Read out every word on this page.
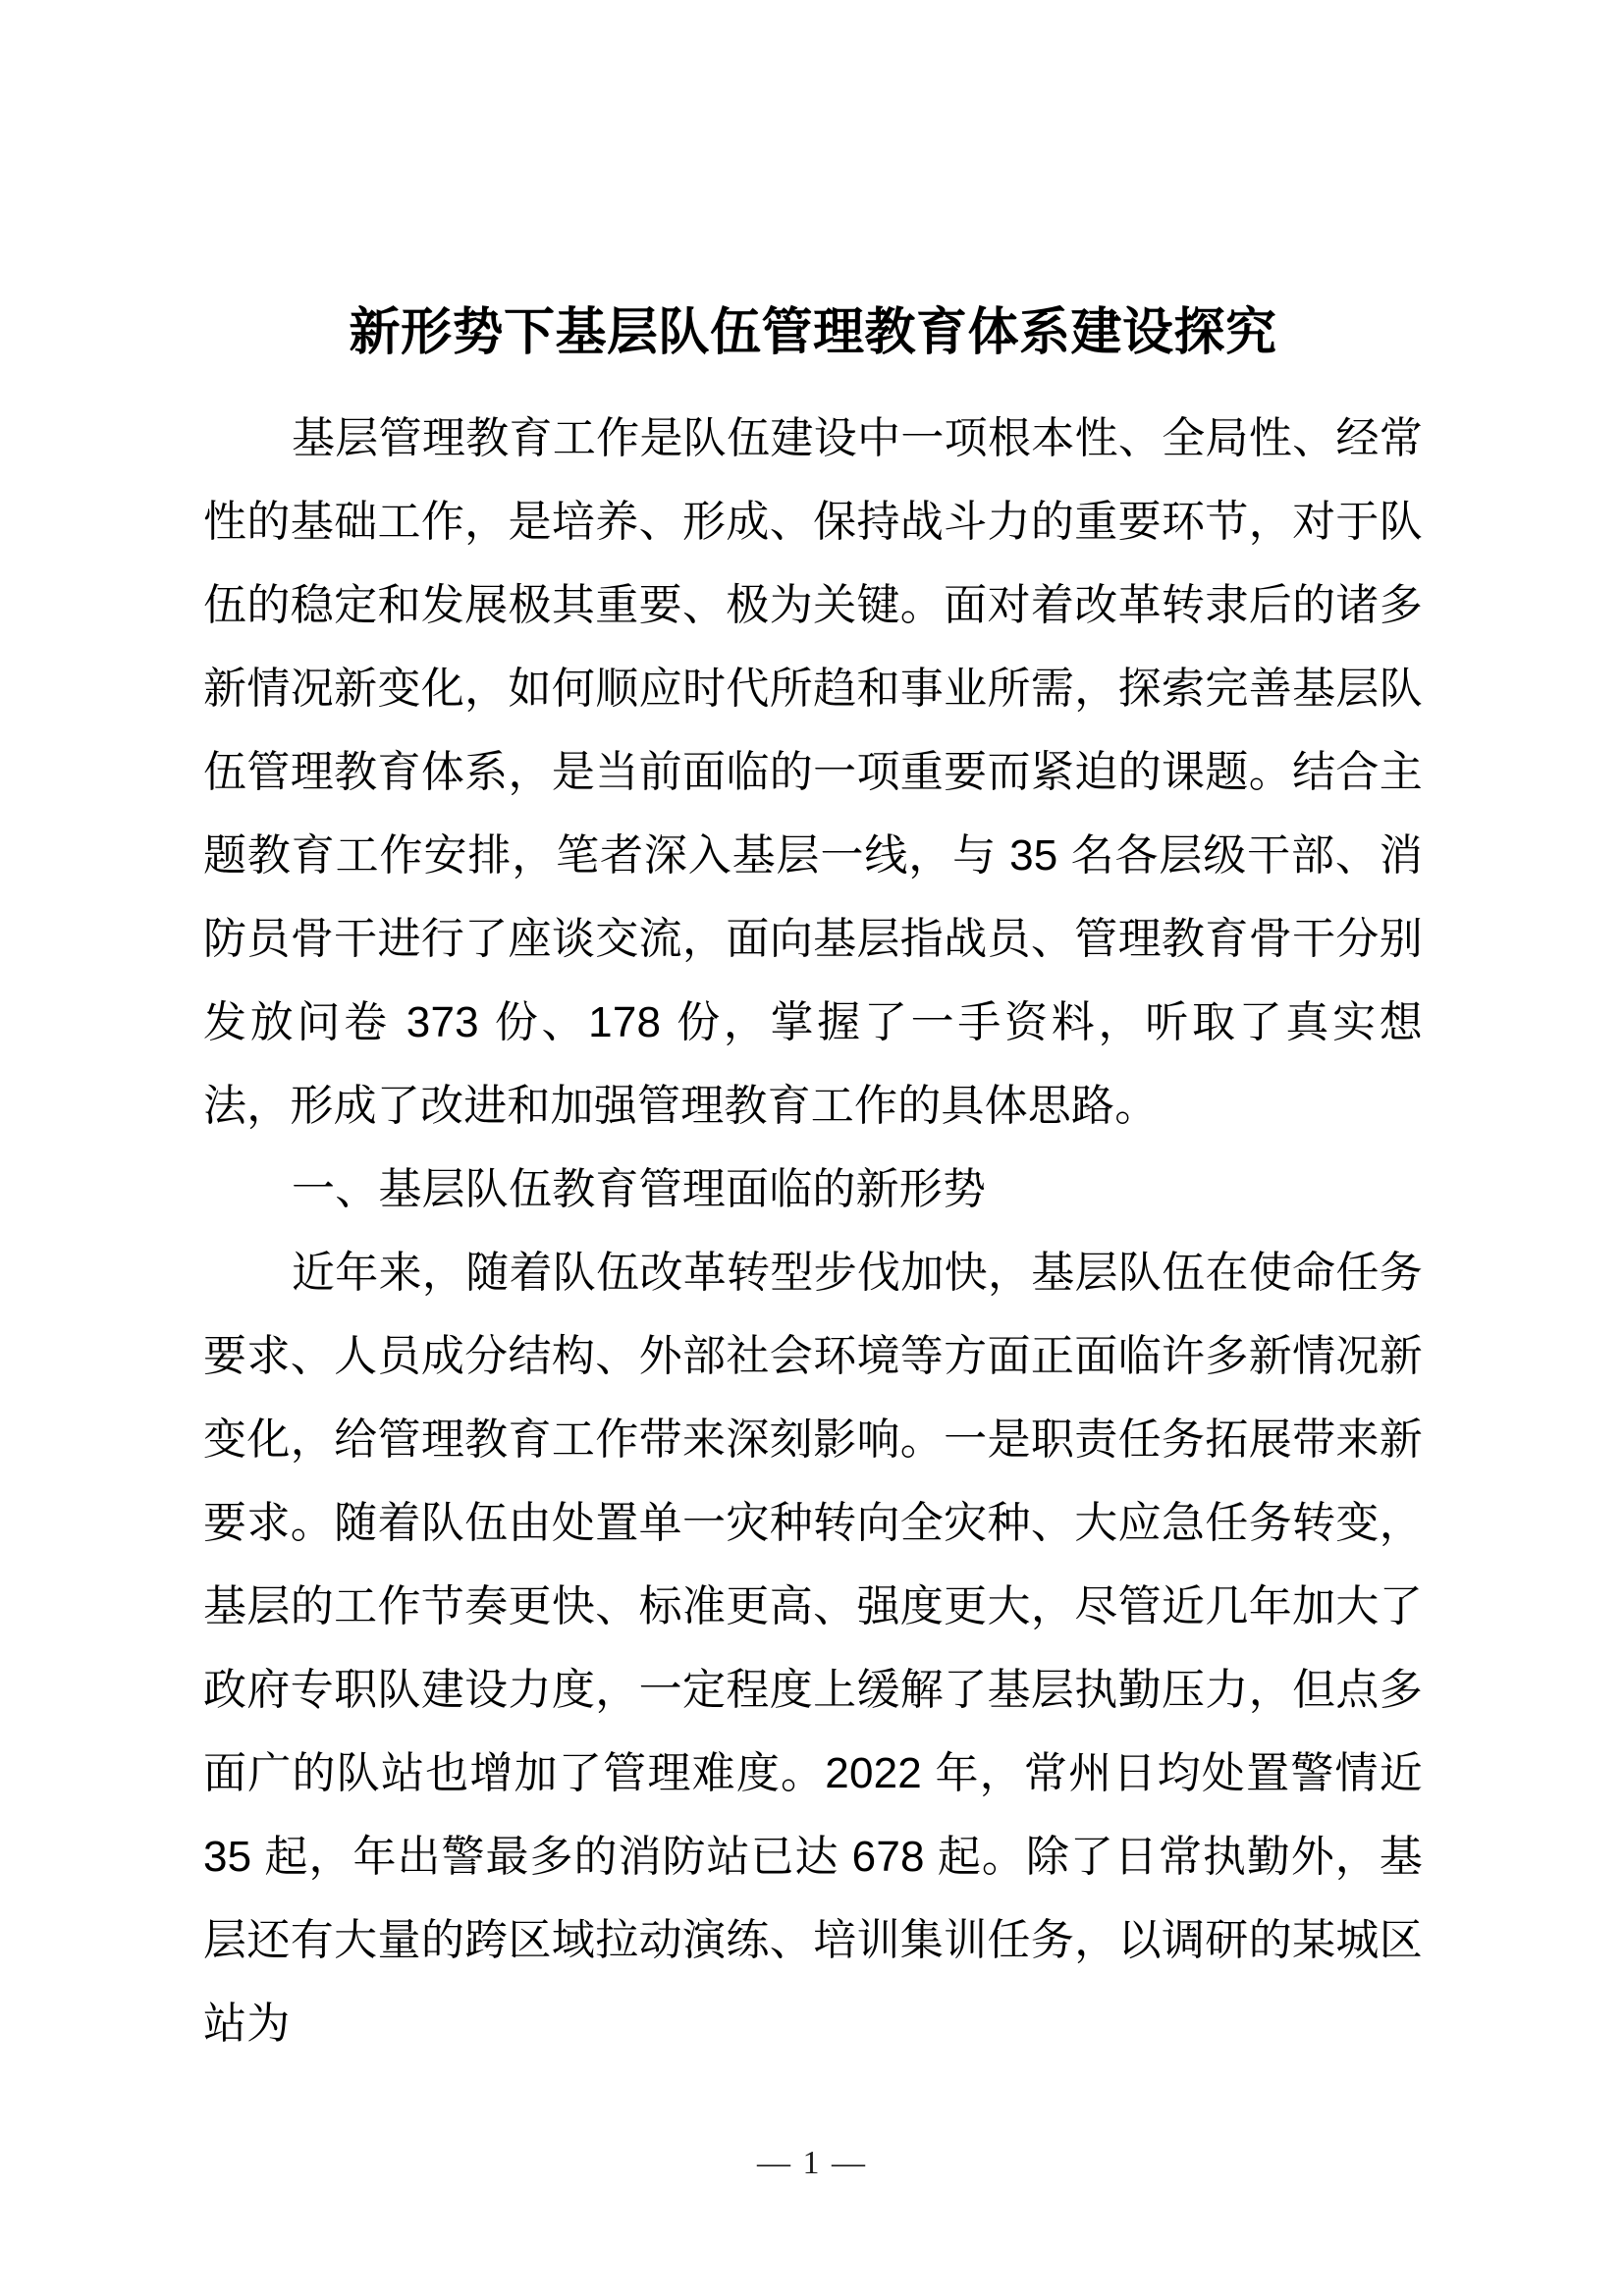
新形势下基层队伍管理教育体系建设探究

基层管理教育工作是队伍建设中一项根本性、全局性、经常性的基础工作，是培养、形成、保持战斗力的重要环节，对于队伍的稳定和发展极其重要、极为关键。面对着改革转隶后的诸多新情况新变化，如何顺应时代所趋和事业所需，探索完善基层队伍管理教育体系，是当前面临的一项重要而紧迫的课题。结合主题教育工作安排，笔者深入基层一线，与 35 名各层级干部、消防员骨干进行了座谈交流，面向基层指战员、管理教育骨干分别发放问卷 373 份、178 份，掌握了一手资料，听取了真实想法，形成了改进和加强管理教育工作的具体思路。

一、基层队伍教育管理面临的新形势

近年来，随着队伍改革转型步伐加快，基层队伍在使命任务要求、人员成分结构、外部社会环境等方面正面临许多新情况新变化，给管理教育工作带来深刻影响。一是职责任务拓展带来新要求。随着队伍由处置单一灾种转向全灾种、大应急任务转变，基层的工作节奏更快、标准更高、强度更大，尽管近几年加大了政府专职队建设力度，一定程度上缓解了基层执勤压力，但点多面广的队站也增加了管理难度。2022 年，常州日均处置警情近 35 起，年出警最多的消防站已达 678 起。除了日常执勤外，基层还有大量的跨区域拉动演练、培训集训任务，以调研的某城区站为

— 1 —
